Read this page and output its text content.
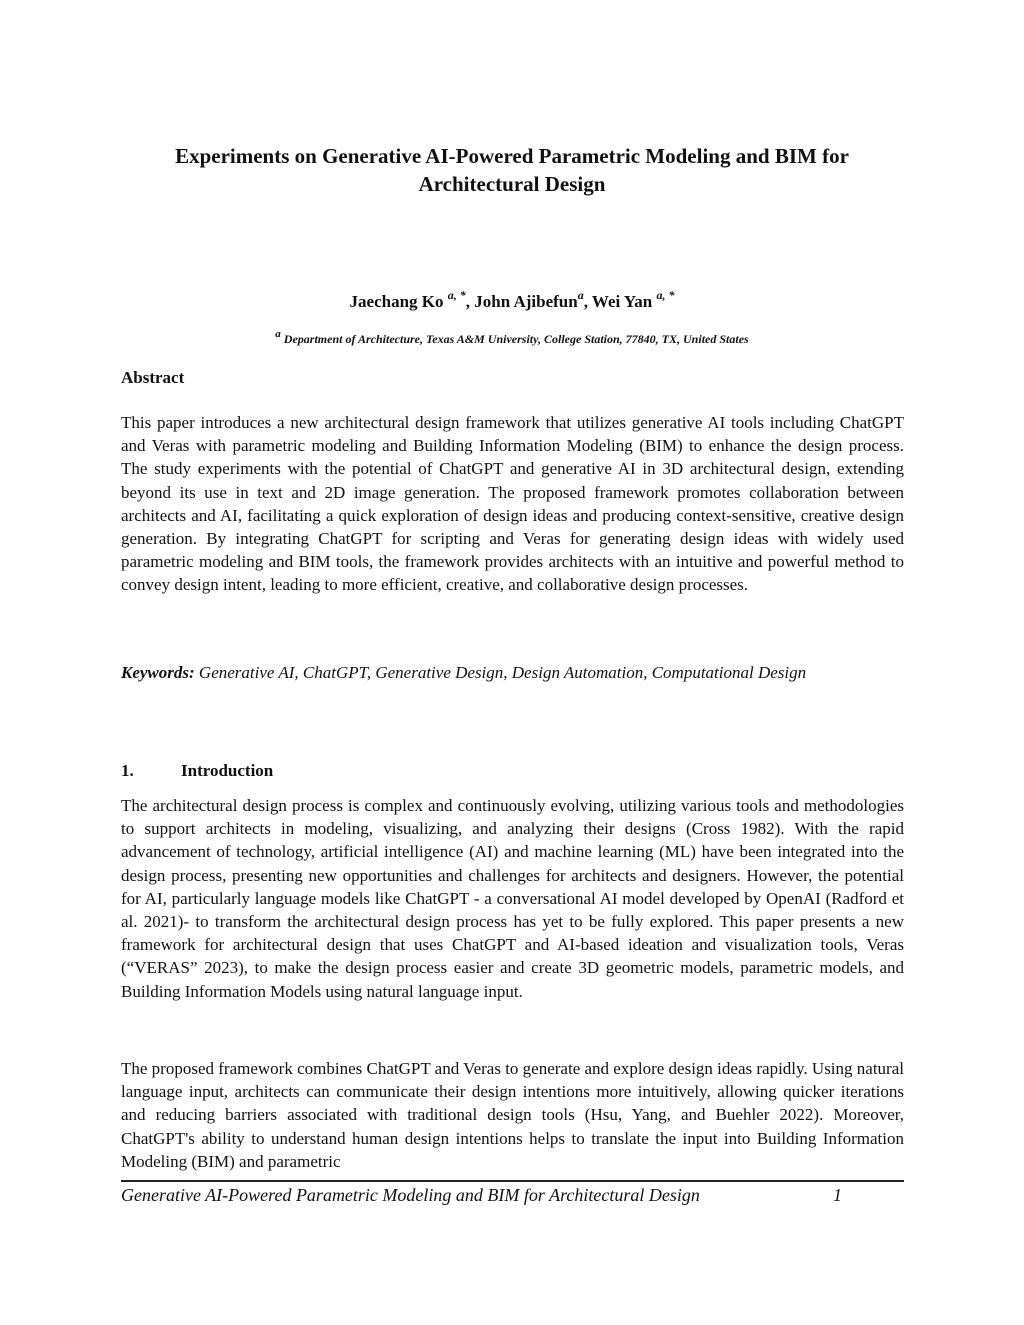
Experiments on Generative AI-Powered Parametric Modeling and BIM for Architectural Design
Jaechang Ko $^{a, *}$, John Ajibefun$^a$, Wei Yan $^{a, *}$
$^a$ Department of Architecture, Texas A&M University, College Station, 77840, TX, United States
Abstract
This paper introduces a new architectural design framework that utilizes generative AI tools including ChatGPT and Veras with parametric modeling and Building Information Modeling (BIM) to enhance the design process. The study experiments with the potential of ChatGPT and generative AI in 3D architectural design, extending beyond its use in text and 2D image generation. The proposed framework promotes collaboration between architects and AI, facilitating a quick exploration of design ideas and producing context-sensitive, creative design generation. By integrating ChatGPT for scripting and Veras for generating design ideas with widely used parametric modeling and BIM tools, the framework provides architects with an intuitive and powerful method to convey design intent, leading to more efficient, creative, and collaborative design processes.
Keywords: Generative AI, ChatGPT, Generative Design, Design Automation, Computational Design
1.	Introduction
The architectural design process is complex and continuously evolving, utilizing various tools and methodologies to support architects in modeling, visualizing, and analyzing their designs (Cross 1982). With the rapid advancement of technology, artificial intelligence (AI) and machine learning (ML) have been integrated into the design process, presenting new opportunities and challenges for architects and designers. However, the potential for AI, particularly language models like ChatGPT - a conversational AI model developed by OpenAI (Radford et al. 2021)- to transform the architectural design process has yet to be fully explored. This paper presents a new framework for architectural design that uses ChatGPT and AI-based ideation and visualization tools, Veras (“VERAS” 2023), to make the design process easier and create 3D geometric models, parametric models, and Building Information Models using natural language input.
The proposed framework combines ChatGPT and Veras to generate and explore design ideas rapidly. Using natural language input, architects can communicate their design intentions more intuitively, allowing quicker iterations and reducing barriers associated with traditional design tools (Hsu, Yang, and Buehler 2022). Moreover, ChatGPT's ability to understand human design intentions helps to translate the input into Building Information Modeling (BIM) and parametric
Generative AI-Powered Parametric Modeling and BIM for Architectural Design	1
